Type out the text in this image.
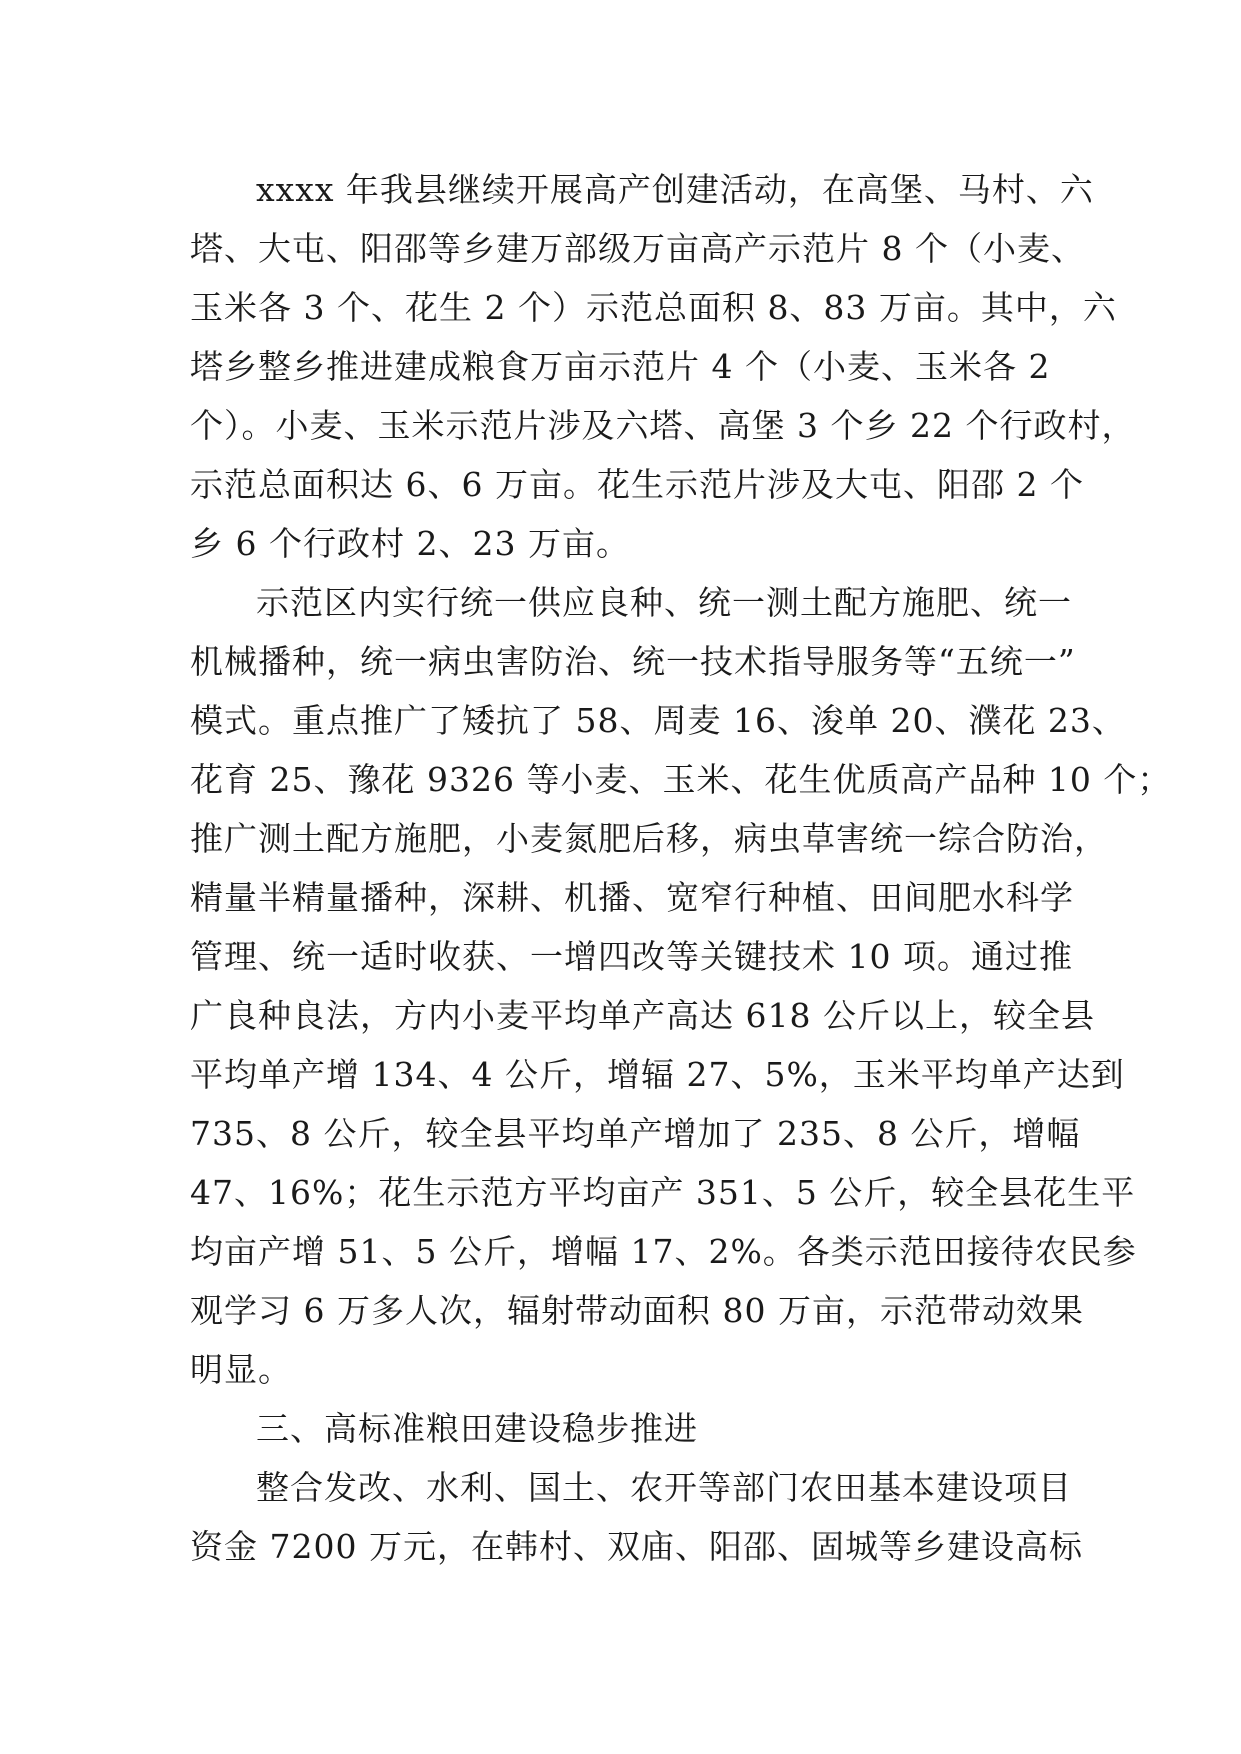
xxxx 年我县继续开展高产创建活动，在高堡、马村、六
塔、大屯、阳邵等乡建万部级万亩高产示范片 8 个（小麦、
玉米各 3 个、花生 2 个）示范总面积 8、83 万亩。其中，六
塔乡整乡推进建成粮食万亩示范片 4 个（小麦、玉米各 2
个）。小麦、玉米示范片涉及六塔、高堡 3 个乡 22 个行政村，
示范总面积达 6、6 万亩。花生示范片涉及大屯、阳邵 2 个
乡 6 个行政村 2、23 万亩。
示范区内实行统一供应良种、统一测土配方施肥、统一
机械播种，统一病虫害防治、统一技术指导服务等“五统一”
模式。重点推广了矮抗了 58、周麦 16、浚单 20、濮花 23、
花育 25、豫花 9326 等小麦、玉米、花生优质高产品种 10 个；
推广测土配方施肥，小麦氮肥后移，病虫草害统一综合防治，
精量半精量播种，深耕、机播、宽窄行种植、田间肥水科学
管理、统一适时收获、一增四改等关键技术 10 项。通过推
广良种良法，方内小麦平均单产高达 618 公斤以上，较全县
平均单产增 134、4 公斤，增辐 27、5%，玉米平均单产达到
735、8 公斤，较全县平均单产增加了 235、8 公斤，增幅
47、16%；花生示范方平均亩产 351、5 公斤，较全县花生平
均亩产增 51、5 公斤，增幅 17、2%。各类示范田接待农民参
观学习 6 万多人次，辐射带动面积 80 万亩，示范带动效果
明显。
三、高标准粮田建设稳步推进
整合发改、水利、国土、农开等部门农田基本建设项目
资金 7200 万元，在韩村、双庙、阳邵、固城等乡建设高标
